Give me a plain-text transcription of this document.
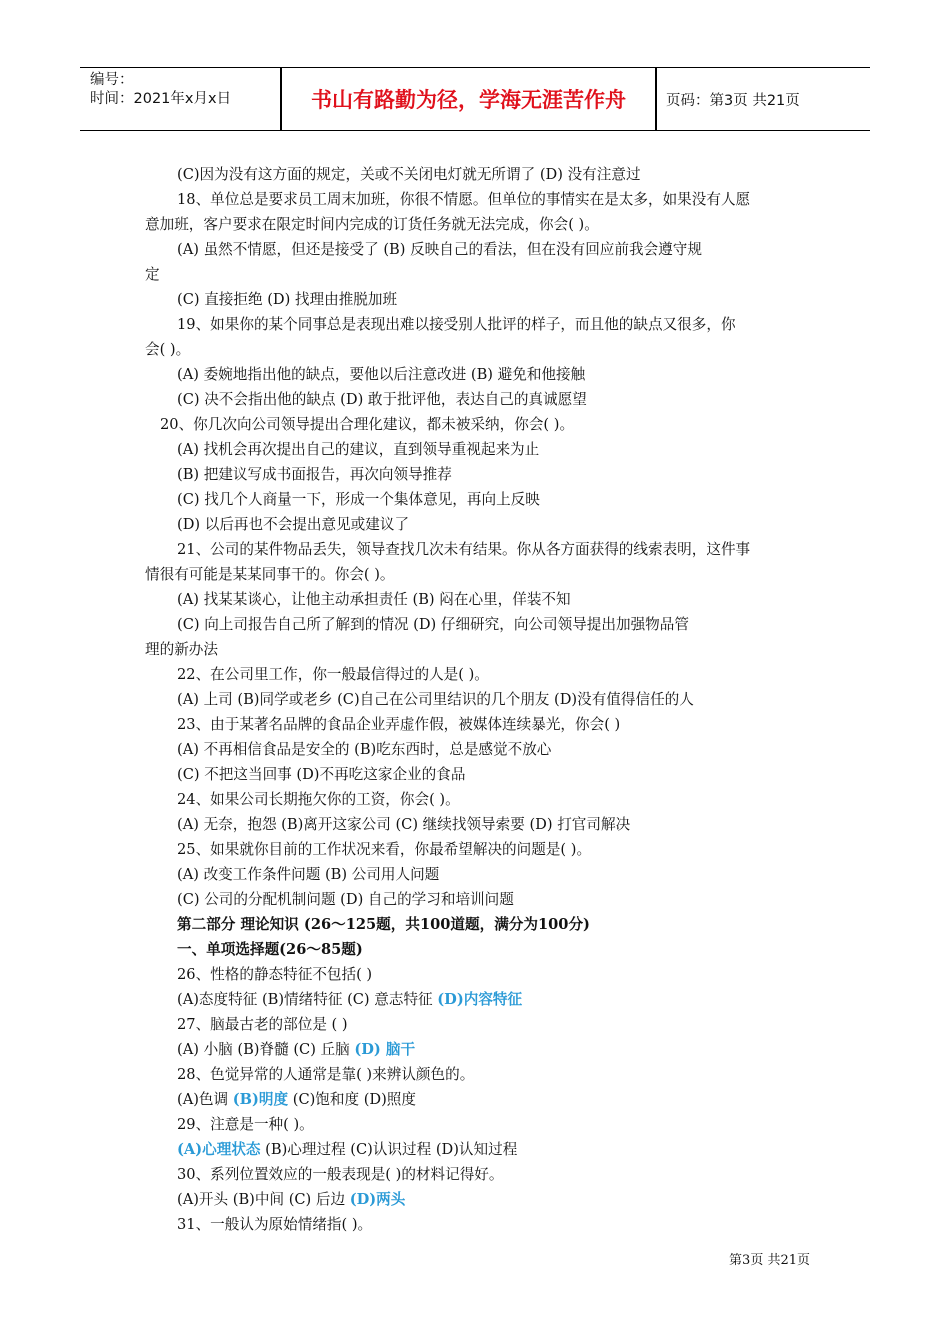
编号：
时间：2021年x月x日	书山有路勤为径，学海无涯苦作舟	页码：第3页 共21页
(C)因为没有这方面的规定，关或不关闭电灯就无所谓了 (D) 没有注意过
18、单位总是要求员工周末加班，你很不情愿。但单位的事情实在是太多，如果没有人愿
意加班，客户要求在限定时间内完成的订货任务就无法完成，你会( )。
(A) 虽然不情愿，但还是接受了 (B) 反映自己的看法，但在没有回应前我会遵守规
定
(C) 直接拒绝 (D) 找理由推脱加班
19、如果你的某个同事总是表现出难以接受别人批评的样子，而且他的缺点又很多，你
会( )。
(A) 委婉地指出他的缺点，要他以后注意改进 (B) 避免和他接触
(C) 决不会指出他的缺点 (D) 敢于批评他，表达自己的真诚愿望
20、你几次向公司领导提出合理化建议，都未被采纳，你会( )。
(A) 找机会再次提出自己的建议，直到领导重视起来为止
(B) 把建议写成书面报告，再次向领导推荐
(C) 找几个人商量一下，形成一个集体意见，再向上反映
(D) 以后再也不会提出意见或建议了
21、公司的某件物品丢失，领导查找几次未有结果。你从各方面获得的线索表明，这件事
情很有可能是某某同事干的。你会( )。
(A) 找某某谈心，让他主动承担责任 (B) 闷在心里，佯装不知
(C) 向上司报告自己所了解到的情况 (D) 仔细研究，向公司领导提出加强物品管
理的新办法
22、在公司里工作，你一般最信得过的人是( )。
(A) 上司 (B)同学或老乡 (C)自己在公司里结识的几个朋友 (D)没有值得信任的人
23、由于某著名品牌的食品企业弄虚作假，被媒体连续暴光，你会( )
(A) 不再相信食品是安全的 (B)吃东西时，总是感觉不放心
(C) 不把这当回事 (D)不再吃这家企业的食品
24、如果公司长期拖欠你的工资，你会( )。
(A) 无奈，抱怨 (B)离开这家公司 (C) 继续找领导索要 (D) 打官司解决
25、如果就你目前的工作状况来看，你最希望解决的问题是( )。
(A) 改变工作条件问题 (B) 公司用人问题
(C) 公司的分配机制问题 (D) 自己的学习和培训问题
第二部分 理论知识 (26～125题，共100道题，满分为100分)
一、单项选择题(26～85题)
26、性格的静态特征不包括( )
(A)态度特征 (B)情绪特征 (C) 意志特征 (D)内容特征
27、脑最古老的部位是 ( )
(A) 小脑 (B)脊髓 (C) 丘脑 (D) 脑干
28、色觉异常的人通常是靠( )来辨认颜色的。
(A)色调 (B)明度 (C)饱和度 (D)照度
29、注意是一种( )。
(A)心理状态 (B)心理过程 (C)认识过程 (D)认知过程
30、系列位置效应的一般表现是( )的材料记得好。
(A)开头 (B)中间 (C) 后边 (D)两头
31、一般认为原始情绪指( )。
第3页 共21页
